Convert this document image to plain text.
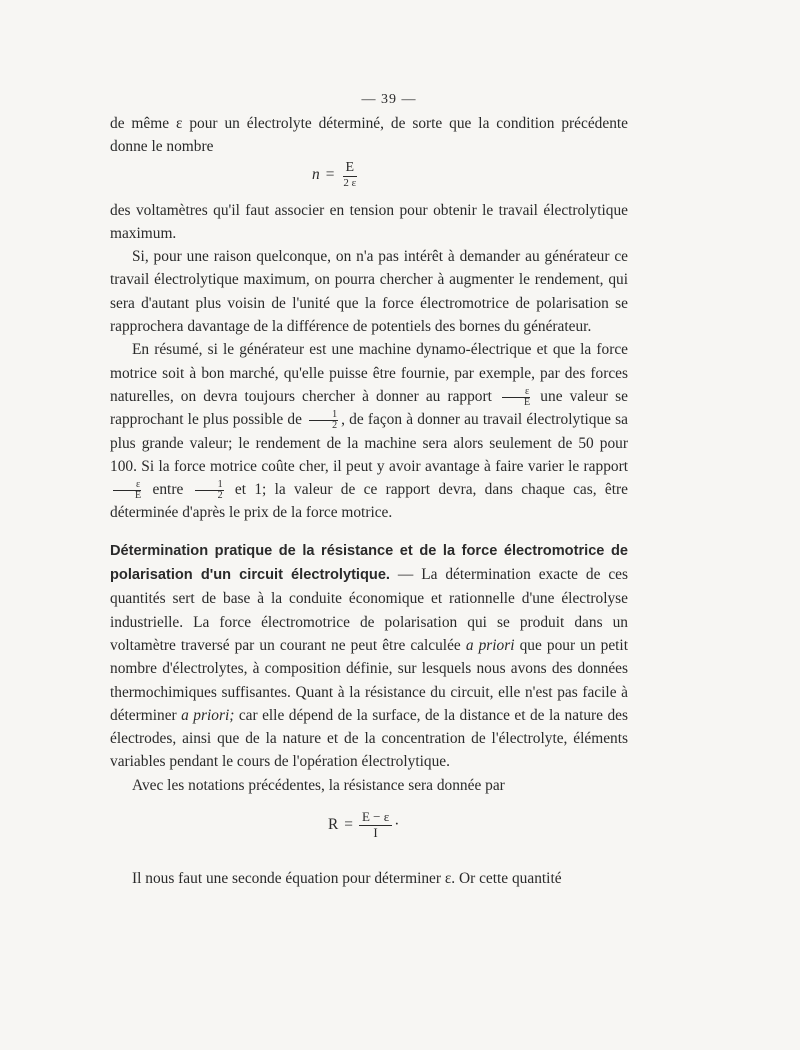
— 39 —

de même ε pour un électrolyte déterminé, de sorte que la condition précédente donne le nombre

$n = \frac{E}{2 \varepsilon}$

des voltamètres qu'il faut associer en tension pour obtenir le travail électrolytique maximum.

Si, pour une raison quelconque, on n'a pas intérêt à demander au générateur ce travail électrolytique maximum, on pourra chercher à augmenter le rendement, qui sera d'autant plus voisin de l'unité que la force électromotrice de polarisation se rapprochera davantage de la différence de potentiels des bornes du générateur.

En résumé, si le générateur est une machine dynamo-électrique et que la force motrice soit à bon marché, qu'elle puisse être fournie, par exemple, par des forces naturelles, on devra toujours chercher à donner au rapport $\frac{\varepsilon}{E}$ une valeur se rapprochant le plus possible de $\frac{1}{2}$ , de façon à donner au travail électrolytique sa plus grande valeur; le rendement de la machine sera alors seulement de 50 pour 100. Si la force motrice coûte cher, il peut y avoir avantage à faire varier le rapport
$\frac{\varepsilon}{E}$ entre $\frac{1}{2}$ et 1; la valeur de ce rapport devra, dans chaque cas, être déterminée d'après le prix de la force motrice.

Détermination pratique de la résistance et de la force électromotrice de polarisation d'un circuit électrolytique. — La détermination exacte de ces quantités sert de base à la conduite économique et rationnelle d'une électrolyse industrielle. La force électromotrice de polarisation qui se produit dans un voltamètre traversé par un courant ne peut être calculée a priori que pour un petit nombre d'électrolytes, à composition définie, sur lesquels nous avons des données thermochimiques suffisantes. Quant à la résistance du circuit, elle n'est pas facile à déterminer a priori; car elle dépend de la surface, de la distance et de la nature des électrodes, ainsi que de la nature et de la concentration de l'électrolyte, éléments variables pendant le cours de l'opération électrolytique.

Avec les notations précédentes, la résistance sera donnée par

$R = \frac{E - \varepsilon}{I}$ ·

Il nous faut une seconde équation pour déterminer ε. Or cette quantité
